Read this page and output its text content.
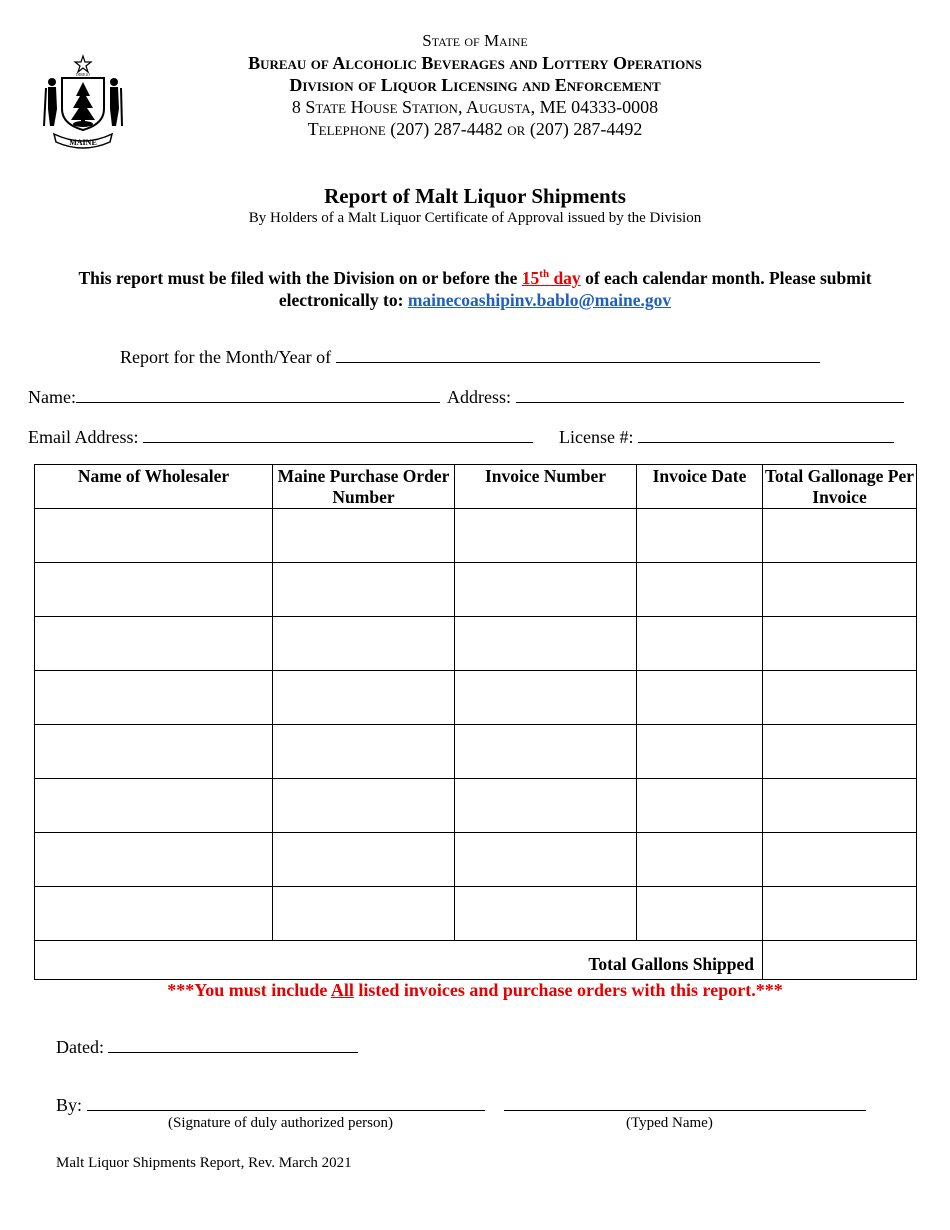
MAINE
DIRIGO
State of Maine
Bureau of Alcoholic Beverages and Lottery Operations
Division of Liquor Licensing and Enforcement
8 State House Station, Augusta, ME 04333-0008
Telephone (207) 287-4482 or (207) 287-4492
Report of Malt Liquor Shipments
By Holders of a Malt Liquor Certificate of Approval issued by the Division
This report must be filed with the Division on or before the 15th day of each calendar month. Please submit electronically to: mainecoashipinv.bablo@maine.gov
Report for the Month/Year of
Name:	Address:
Email Address:	License #:
Name of Wholesaler	Maine Purchase Order Number	Invoice Number	Invoice Date	Total Gallonage Per Invoice

Total Gallons Shipped				
***You must include All listed invoices and purchase orders with this report.***
Dated:
By:
(Signature of duly authorized person)	(Typed Name)
Malt Liquor Shipments Report, Rev. March 2021
